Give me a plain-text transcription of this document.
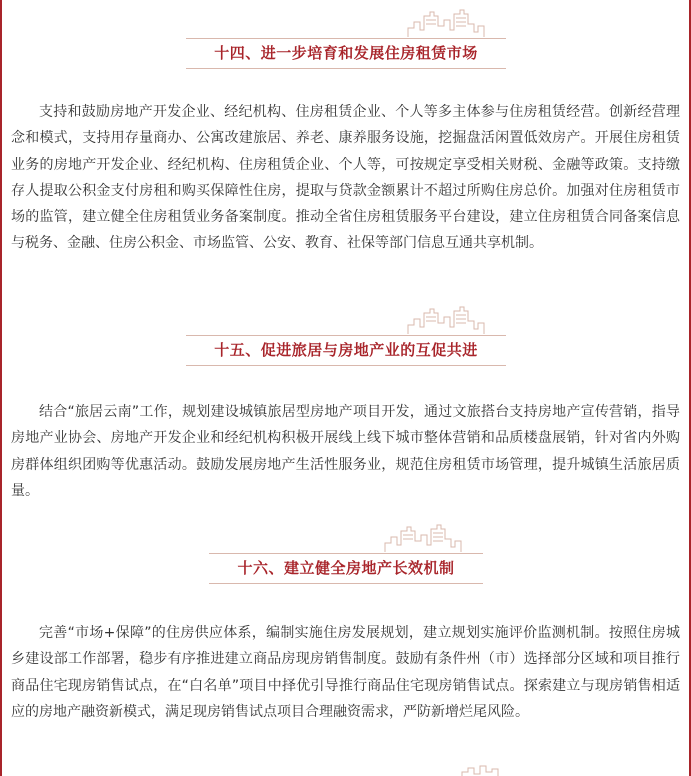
十四、进一步培育和发展住房租赁市场
支持和鼓励房地产开发企业、经纪机构、住房租赁企业、个人等多主体参与住房租赁经营。创新经营理念和模式，支持用存量商办、公寓改建旅居、养老、康养服务设施，挖掘盘活闲置低效房产。开展住房租赁业务的房地产开发企业、经纪机构、住房租赁企业、个人等，可按规定享受相关财税、金融等政策。支持缴存人提取公积金支付房租和购买保障性住房，提取与贷款金额累计不超过所购住房总价。加强对住房租赁市场的监管，建立健全住房租赁业务备案制度。推动全省住房租赁服务平台建设，建立住房租赁合同备案信息与税务、金融、住房公积金、市场监管、公安、教育、社保等部门信息互通共享机制。
十五、促进旅居与房地产业的互促共进
结合“旅居云南”工作，规划建设城镇旅居型房地产项目开发，通过文旅搭台支持房地产宣传营销，指导房地产业协会、房地产开发企业和经纪机构积极开展线上线下城市整体营销和品质楼盘展销，针对省内外购房群体组织团购等优惠活动。鼓励发展房地产生活性服务业，规范住房租赁市场管理，提升城镇生活旅居质量。
十六、建立健全房地产长效机制
完善“市场+保障”的住房供应体系，编制实施住房发展规划，建立规划实施评价监测机制。按照住房城乡建设部工作部署，稳步有序推进建立商品房现房销售制度。鼓励有条件州（市）选择部分区域和项目推行商品住宅现房销售试点，在“白名单”项目中择优引导推行商品住宅现房销售试点。探索建立与现房销售相适应的房地产融资新模式，满足现房销售试点项目合理融资需求，严防新增烂尾风险。
